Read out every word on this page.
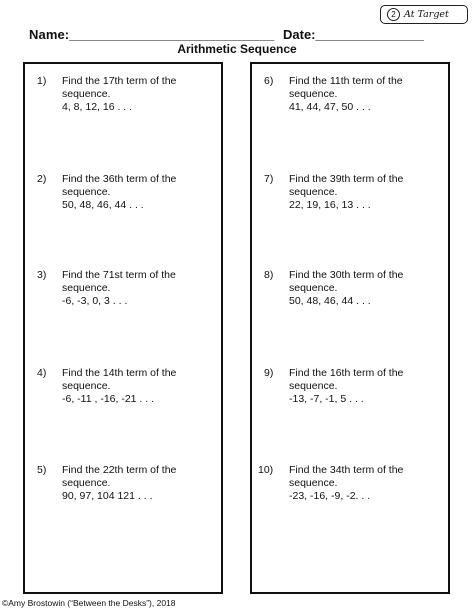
2 At Target
Name:____________________________ Date:_______________
Arithmetic Sequence
1) Find the 17th term of the
sequence.
4, 8, 12, 16 . . .
2) Find the 36th term of the
sequence.
50, 48, 46, 44 . . .
3) Find the 71st term of the
sequence.
-6, -3, 0, 3 . . .
4) Find the 14th term of the
sequence.
-6, -11 , -16, -21 . . .
5) Find the 22th term of the
sequence.
90, 97, 104 121 . . .
6) Find the 11th term of the
sequence.
41, 44, 47, 50 . . .
7) Find the 39th term of the
sequence.
22, 19, 16, 13 . . .
8) Find the 30th term of the
sequence.
50, 48, 46, 44 . . .
9) Find the 16th term of the
sequence.
-13, -7, -1, 5 . . .
10) Find the 34th term of the
sequence.
-23, -16, -9, -2. . .
©Amy Brostowin (“Between the Desks”), 2018
